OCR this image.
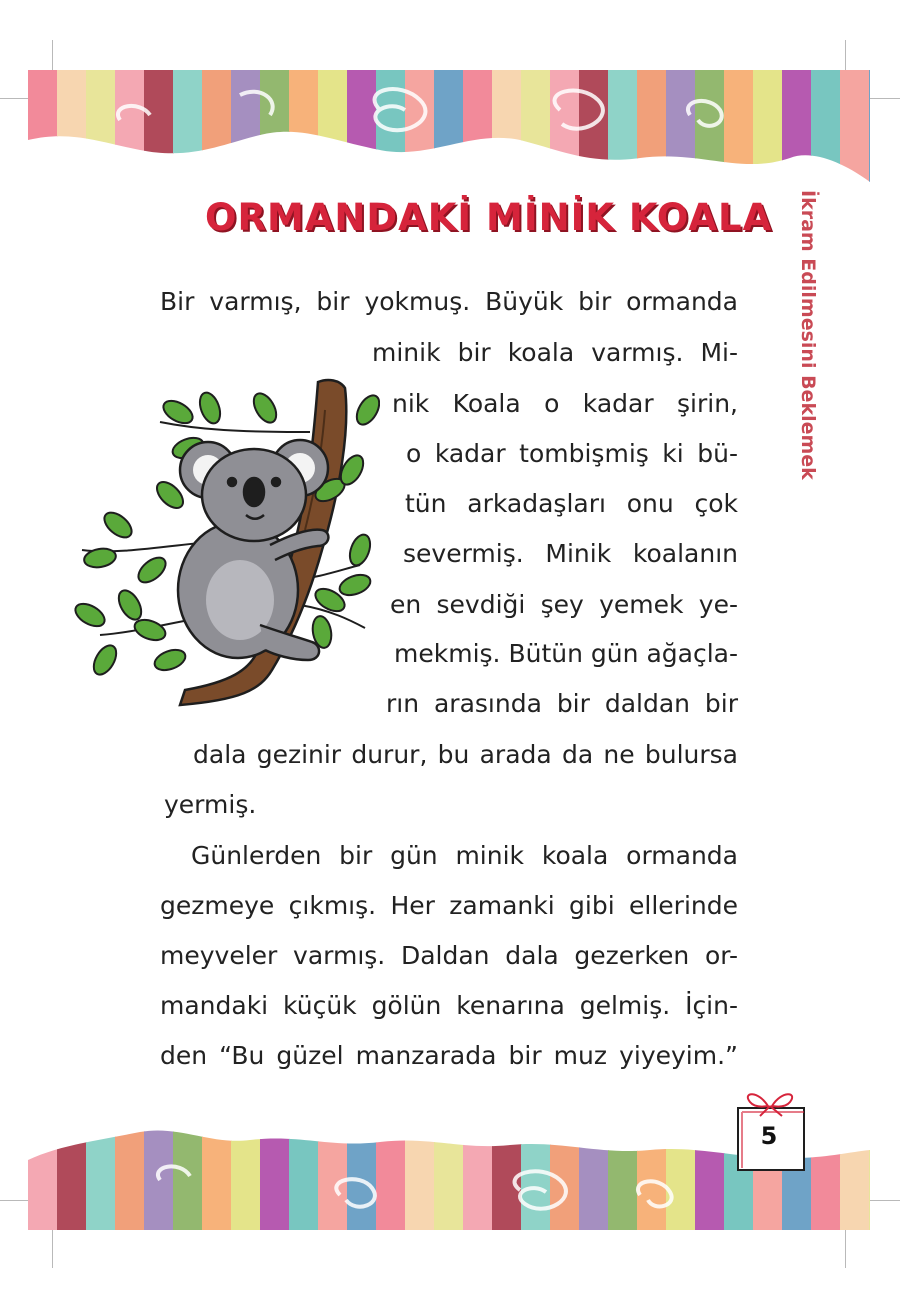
ORMANDAKİ MİNİK KOALA İkram Edilmesini Beklemek
Bir varmış, bir yokmuş. Büyük bir ormanda
minik bir koala varmış. Mi-
nik Koala o kadar şirin,
o kadar tombişmiş ki bü-
tün arkadaşları onu çok
severmiş. Minik koalanın
en sevdiği şey yemek ye-
mekmiş. Bütün gün ağaçla-
rın arasında bir daldan bir
dala gezinir durur, bu arada da ne bulursa
yermiş.
Günlerden bir gün minik koala ormanda
gezmeye çıkmış. Her zamanki gibi ellerinde
meyveler varmış. Daldan dala gezerken or-
mandaki küçük gölün kenarına gelmiş. İçin-
den “Bu güzel manzarada bir muz yiyeyim.”
5
